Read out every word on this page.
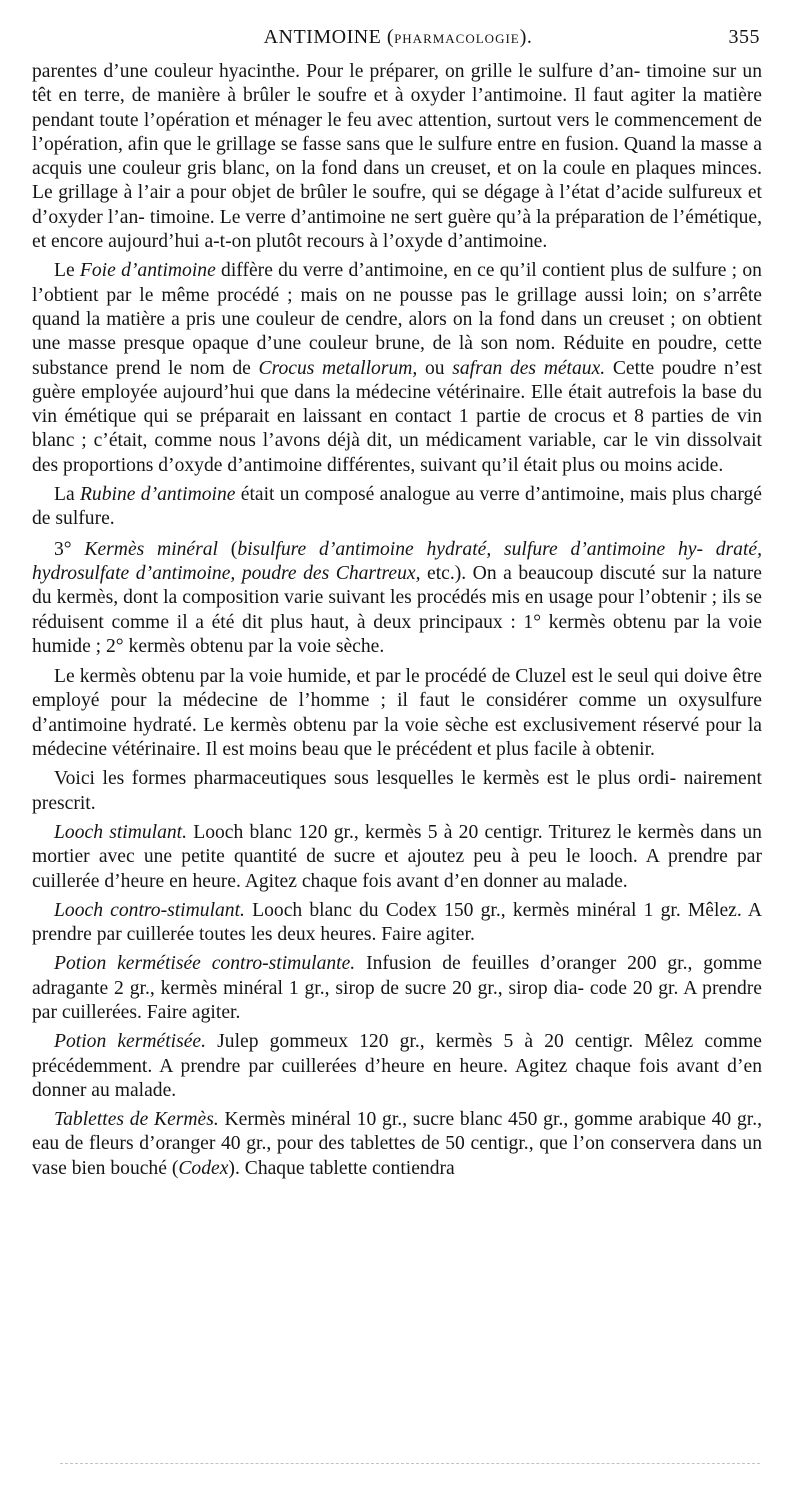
ANTIMOINE (PHARMACOLOGIE).	355

parentes d’une couleur hyacinthe. Pour le préparer, on grille le sulfure d’an- timoine sur un têt en terre, de manière à brûler le soufre et à oxyder l’antimoine. Il faut agiter la matière pendant toute l’opération et ménager le feu avec attention, surtout vers le commencement de l’opération, afin que le grillage se fasse sans que le sulfure entre en fusion. Quand la masse a acquis une couleur gris blanc, on la fond dans un creuset, et on la coule en plaques minces. Le grillage à l’air a pour objet de brûler le soufre, qui se dégage à l’état d’acide sulfureux et d’oxyder l’an- timoine. Le verre d’antimoine ne sert guère qu’à la préparation de l’émétique, et encore aujourd’hui a-t-on plutôt recours à l’oxyde d’antimoine.

Le Foie d’antimoine diffère du verre d’antimoine, en ce qu’il contient plus de sulfure ; on l’obtient par le même procédé ; mais on ne pousse pas le grillage aussi loin; on s’arrête quand la matière a pris une couleur de cendre, alors on la fond dans un creuset ; on obtient une masse presque opaque d’une couleur brune, de là son nom. Réduite en poudre, cette substance prend le nom de Crocus metallorum, ou safran des métaux. Cette poudre n’est guère employée aujourd’hui que dans la médecine vétérinaire. Elle était autrefois la base du vin émétique qui se préparait en laissant en contact 1 partie de crocus et 8 parties de vin blanc ; c’était, comme nous l’avons déjà dit, un médicament variable, car le vin dissolvait des proportions d’oxyde d’antimoine différentes, suivant qu’il était plus ou moins acide.

La Rubine d’antimoine était un composé analogue au verre d’antimoine, mais plus chargé de sulfure.

3° Kermès minéral (bisulfure d’antimoine hydraté, sulfure d’antimoine hy- draté, hydrosulfate d’antimoine, poudre des Chartreux, etc.). On a beaucoup discuté sur la nature du kermès, dont la composition varie suivant les procédés mis en usage pour l’obtenir ; ils se réduisent comme il a été dit plus haut, à deux principaux : 1° kermès obtenu par la voie humide ; 2° kermès obtenu par la voie sèche.

Le kermès obtenu par la voie humide, et par le procédé de Cluzel est le seul qui doive être employé pour la médecine de l’homme ; il faut le considérer comme un oxysulfure d’antimoine hydraté. Le kermès obtenu par la voie sèche est exclusivement réservé pour la médecine vétérinaire. Il est moins beau que le précédent et plus facile à obtenir.

Voici les formes pharmaceutiques sous lesquelles le kermès est le plus ordi- nairement prescrit.

Looch stimulant. Looch blanc 120 gr., kermès 5 à 20 centigr. Triturez le kermès dans un mortier avec une petite quantité de sucre et ajoutez peu à peu le looch. A prendre par cuillerée d’heure en heure. Agitez chaque fois avant d’en donner au malade.

Looch contro-stimulant. Looch blanc du Codex 150 gr., kermès minéral 1 gr. Mêlez. A prendre par cuillerée toutes les deux heures. Faire agiter.

Potion kermétisée contro-stimulante. Infusion de feuilles d’oranger 200 gr., gomme adragante 2 gr., kermès minéral 1 gr., sirop de sucre 20 gr., sirop dia- code 20 gr. A prendre par cuillerées. Faire agiter.

Potion kermétisée. Julep gommeux 120 gr., kermès 5 à 20 centigr. Mêlez comme précédemment. A prendre par cuillerées d’heure en heure. Agitez chaque fois avant d’en donner au malade.

Tablettes de Kermès. Kermès minéral 10 gr., sucre blanc 450 gr., gomme arabique 40 gr., eau de fleurs d’oranger 40 gr., pour des tablettes de 50 centigr., que l’on conservera dans un vase bien bouché (Codex). Chaque tablette contiendra
